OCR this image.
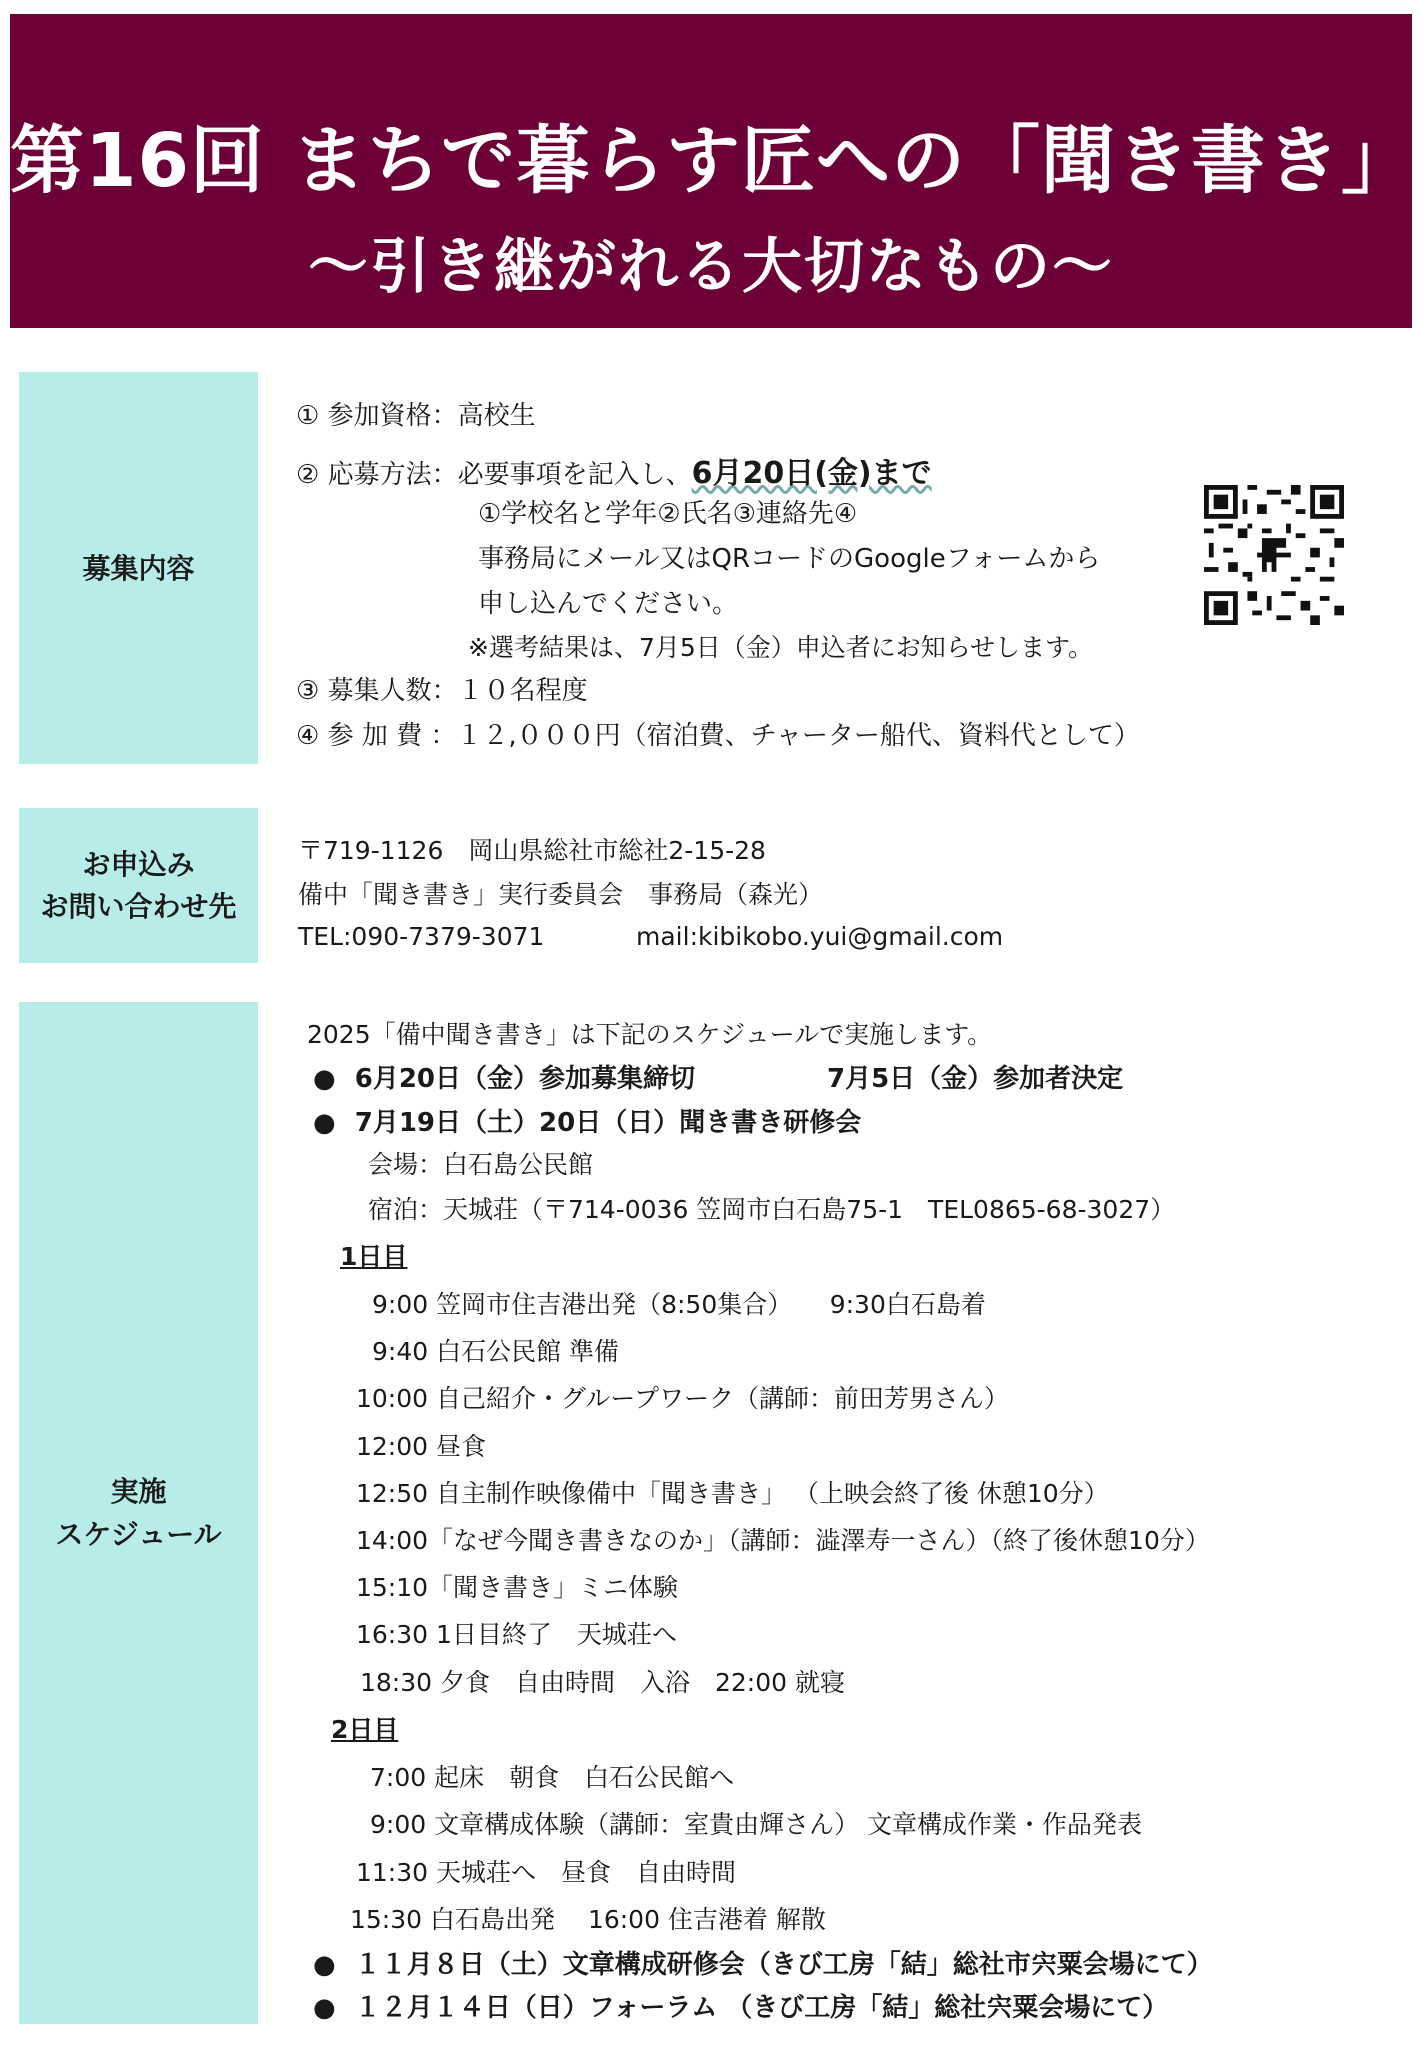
第16回 まちで暮らす匠への「聞き書き」
～引き継がれる大切なもの～
募集内容
① 参加資格：高校生
② 応募方法：必要事項を記入し、6月20日(金)まで
①学校名と学年②氏名③連絡先④
事務局にメール又はQRコードのGoogleフォームから
申し込んでください。
※選考結果は、7月5日（金）申込者にお知らせします。
③ 募集人数：１０名程度
④ 参 加 費 ：１２,０００円（宿泊費、チャーター船代、資料代として）
お申込み
お問い合わせ先
〒719-1126　岡山県総社市総社2-15-28
備中「聞き書き」実行委員会　事務局（森光）
TEL:090-7379-3071	mail:kibikobo.yui@gmail.com
実施
スケジュール
2025「備中聞き書き」は下記のスケジュールで実施します。
● 6月20日（金）参加募集締切	7月5日（金）参加者決定
● 7月19日（土）20日（日）聞き書き研修会
会場：白石島公民館
宿泊：天城荘（〒714-0036 笠岡市白石島75-1　TEL0865-68-3027）
1日目
9:00 笠岡市住吉港出発（8:50集合）　　9:30白石島着
9:40 白石公民館 準備
10:00 自己紹介・グループワーク（講師：前田芳男さん）
12:00 昼食
12:50 自主制作映像備中「聞き書き」 （上映会終了後 休憩10分）
14:00「なぜ今聞き書きなのか」（講師：澁澤寿一さん）（終了後休憩10分）
15:10「聞き書き」ミニ体験
16:30 1日目終了　天城荘へ
18:30 夕食　自由時間　入浴　22:00 就寝
2日目
7:00 起床　朝食　白石公民館へ
9:00 文章構成体験（講師：室貴由輝さん） 文章構成作業・作品発表
11:30 天城荘へ　昼食　自由時間
15:30 白石島出発　 16:00 住吉港着 解散
● １１月８日（土）文章構成研修会（きび工房「結」総社市宍粟会場にて）
● １２月１４日（日）フォーラム （きび工房「結」総社宍粟会場にて）
